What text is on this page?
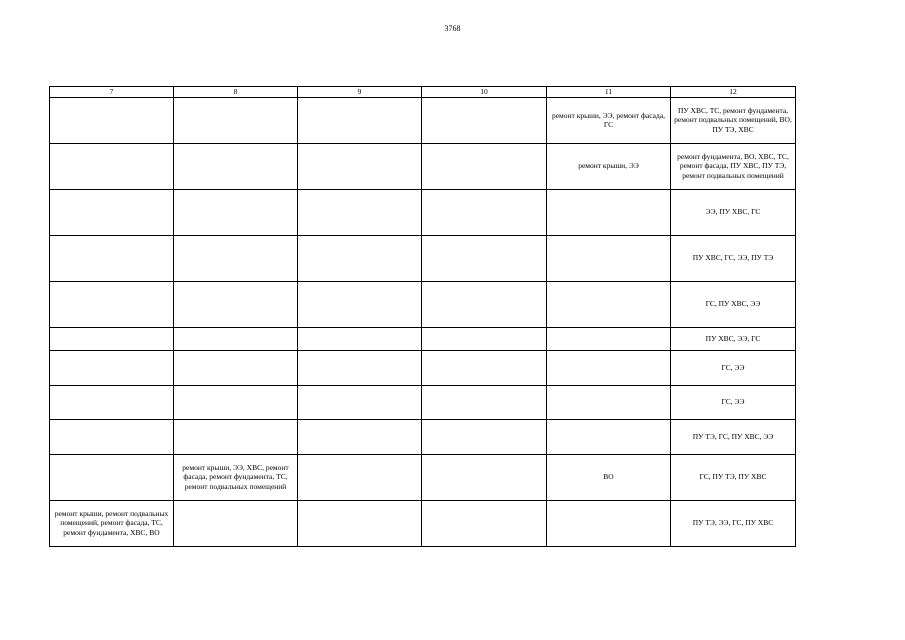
3768
7	8	9	10	11	12
				ремонт крыши, ЭЭ, ремонт фасада, ГС	ПУ ХВС, ТС, ремонт фундамента, ремонт подвальных помещений, ВО, ПУ ТЭ, ХВС
				ремонт крыши, ЭЭ	ремонт фундамента, ВО, ХВС, ТС, ремонт фасада, ПУ ХВС, ПУ ТЭ, ремонт подвальных помещений
					ЭЭ, ПУ ХВС, ГС
					ПУ ХВС, ГС, ЭЭ, ПУ ТЭ
					ГС, ПУ ХВС, ЭЭ
					ПУ ХВС, ЭЭ, ГС
					ГС, ЭЭ
					ГС, ЭЭ
					ПУ ТЭ, ГС, ПУ ХВС, ЭЭ
	ремонт крыши, ЭЭ, ХВС, ремонт фасада, ремонт фундамента, ТС, ремонт подвальных помещений			ВО	ГС, ПУ ТЭ, ПУ ХВС
ремонт крыши, ремонт подвальных помещений, ремонт фасада, ТС, ремонт фундамента, ХВС, ВО					ПУ ТЭ, ЭЭ, ГС, ПУ ХВС
